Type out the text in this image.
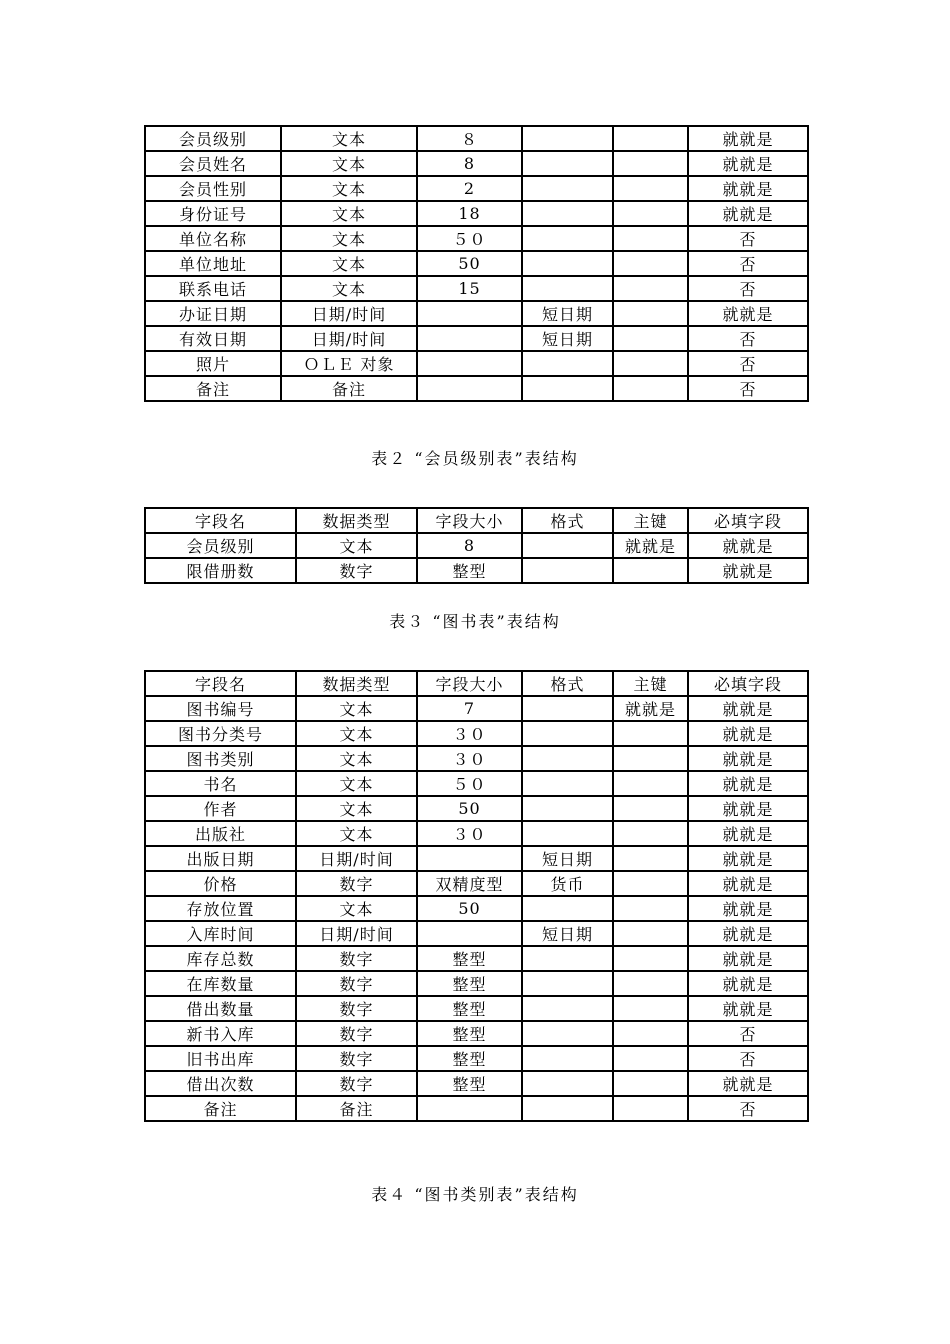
会员级别	文本	８			就就是
会员姓名	文本	8			就就是
会员性别	文本	2			就就是
身份证号	文本	18			就就是
单位名称	文本	５０			否
单位地址	文本	50			否
联系电话	文本	15			否
办证日期	日期/时间		短日期		就就是
有效日期	日期/时间		短日期		否
照片	ＯＬＥ 对象				否
备注	备注				否
表２ “会员级别表”表结构
字段名	数据类型	字段大小	格式	主键	必填字段
会员级别	文本	8		就就是	就就是
限借册数	数字	整型			就就是
表３ “图书表”表结构
字段名	数据类型	字段大小	格式	主键	必填字段
图书编号	文本	7		就就是	就就是
图书分类号	文本	３０			就就是
图书类别	文本	３０			就就是
书名	文本	５０			就就是
作者	文本	50			就就是
出版社	文本	３０			就就是
出版日期	日期/时间		短日期		就就是
价格	数字	双精度型	货币		就就是
存放位置	文本	50			就就是
入库时间	日期/时间		短日期		就就是
库存总数	数字	整型			就就是
在库数量	数字	整型			就就是
借出数量	数字	整型			就就是
新书入库	数字	整型			否
旧书出库	数字	整型			否
借出次数	数字	整型			就就是
备注	备注				否
表４ “图书类别表”表结构
